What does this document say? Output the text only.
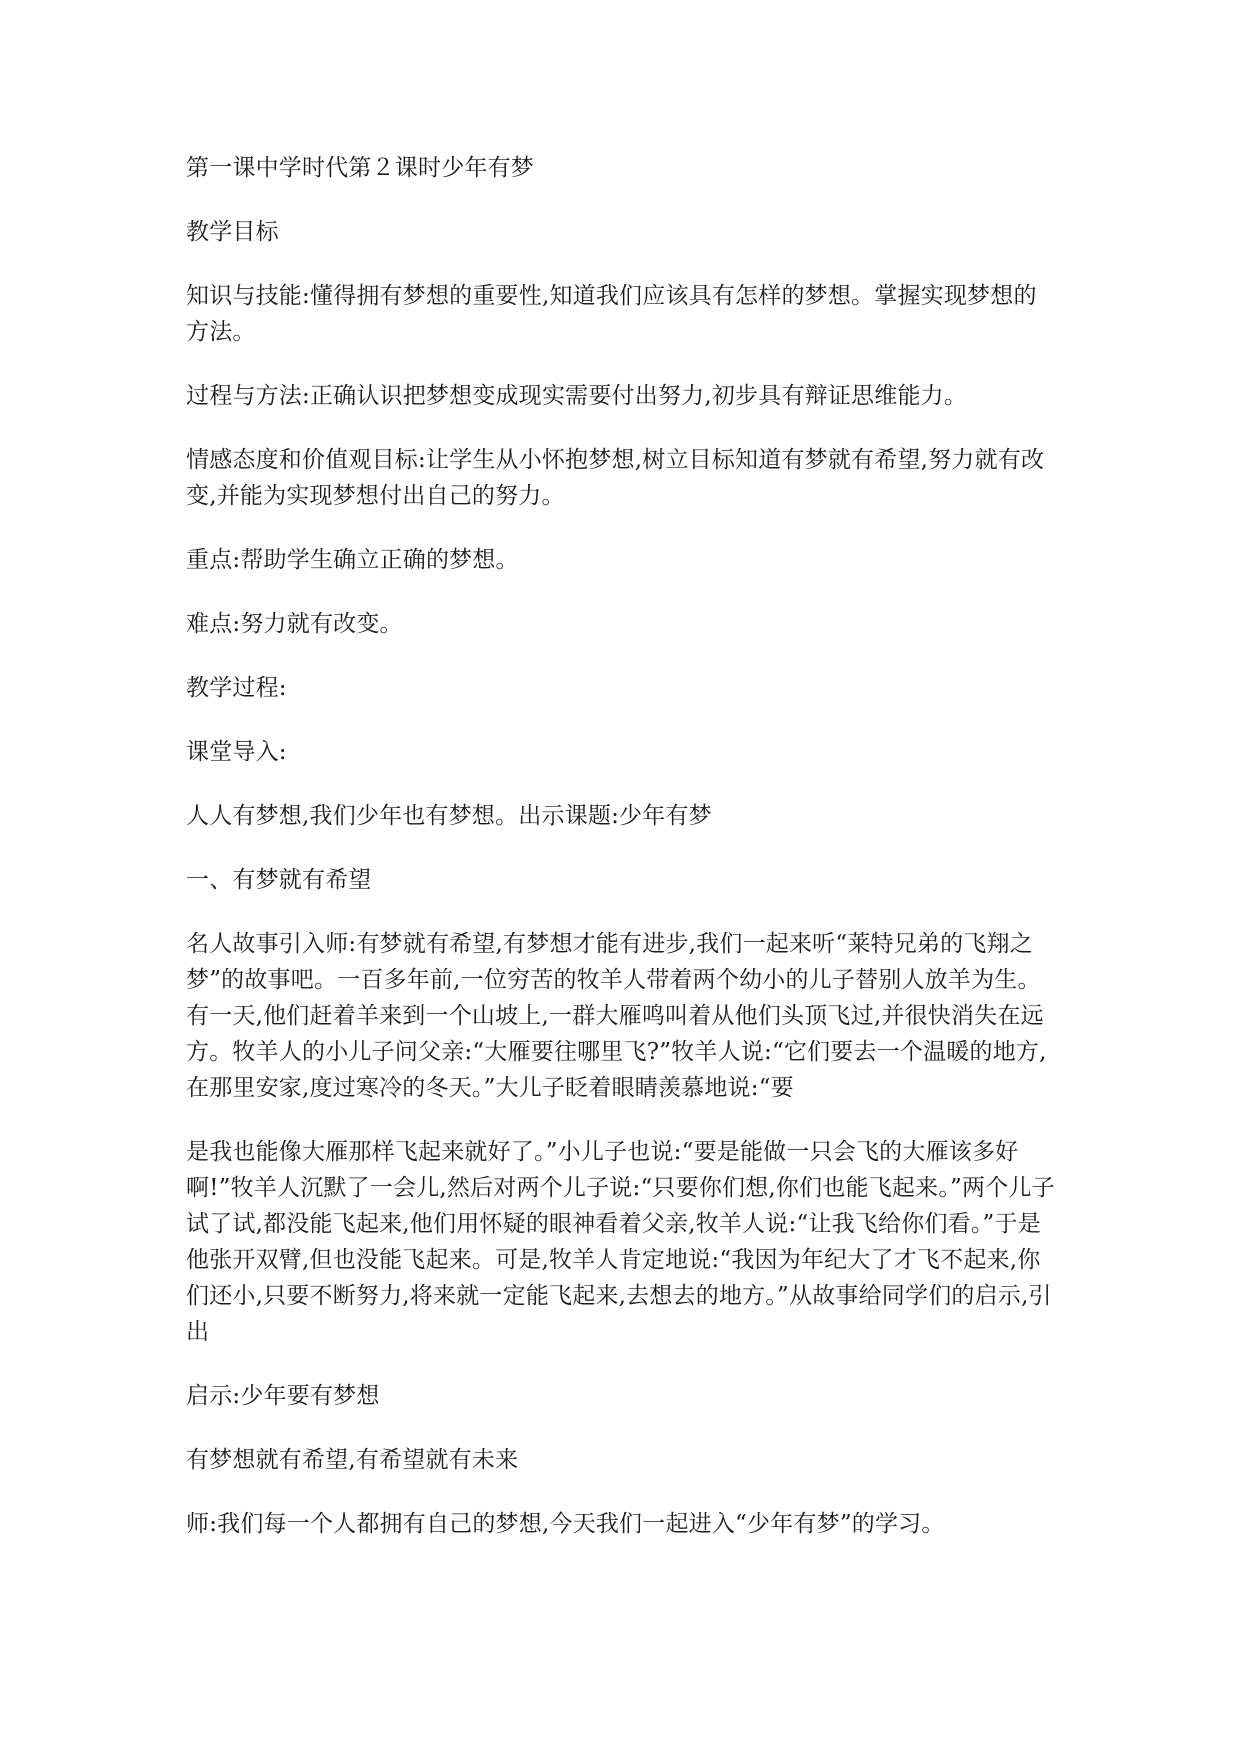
第一课中学时代第２课时少年有梦

教学目标

知识与技能:懂得拥有梦想的重要性,知道我们应该具有怎样的梦想。掌握实现梦想的方法。

过程与方法:正确认识把梦想变成现实需要付出努力,初步具有辩证思维能力。

情感态度和价值观目标:让学生从小怀抱梦想,树立目标知道有梦就有希望,努力就有改变,并能为实现梦想付出自己的努力。

重点:帮助学生确立正确的梦想。

难点:努力就有改变。

教学过程:

课堂导入:

人人有梦想,我们少年也有梦想。出示课题:少年有梦

一、有梦就有希望

名人故事引入师:有梦就有希望,有梦想才能有进步,我们一起来听“莱特兄弟的飞翔之梦”的故事吧。一百多年前,一位穷苦的牧羊人带着两个幼小的儿子替别人放羊为生。有一天,他们赶着羊来到一个山坡上,一群大雁鸣叫着从他们头顶飞过,并很快消失在远方。牧羊人的小儿子问父亲:“大雁要往哪里飞?”牧羊人说:“它们要去一个温暖的地方,在那里安家,度过寒冷的冬天。”大儿子眨着眼睛羡慕地说:“要

是我也能像大雁那样飞起来就好了。”小儿子也说:“要是能做一只会飞的大雁该多好啊!”牧羊人沉默了一会儿,然后对两个儿子说:“只要你们想,你们也能飞起来。”两个儿子试了试,都没能飞起来,他们用怀疑的眼神看着父亲,牧羊人说:“让我飞给你们看。”于是他张开双臂,但也没能飞起来。可是,牧羊人肯定地说:“我因为年纪大了才飞不起来,你们还小,只要不断努力,将来就一定能飞起来,去想去的地方。”从故事给同学们的启示,引出

启示:少年要有梦想

有梦想就有希望,有希望就有未来

师:我们每一个人都拥有自己的梦想,今天我们一起进入“少年有梦”的学习。
